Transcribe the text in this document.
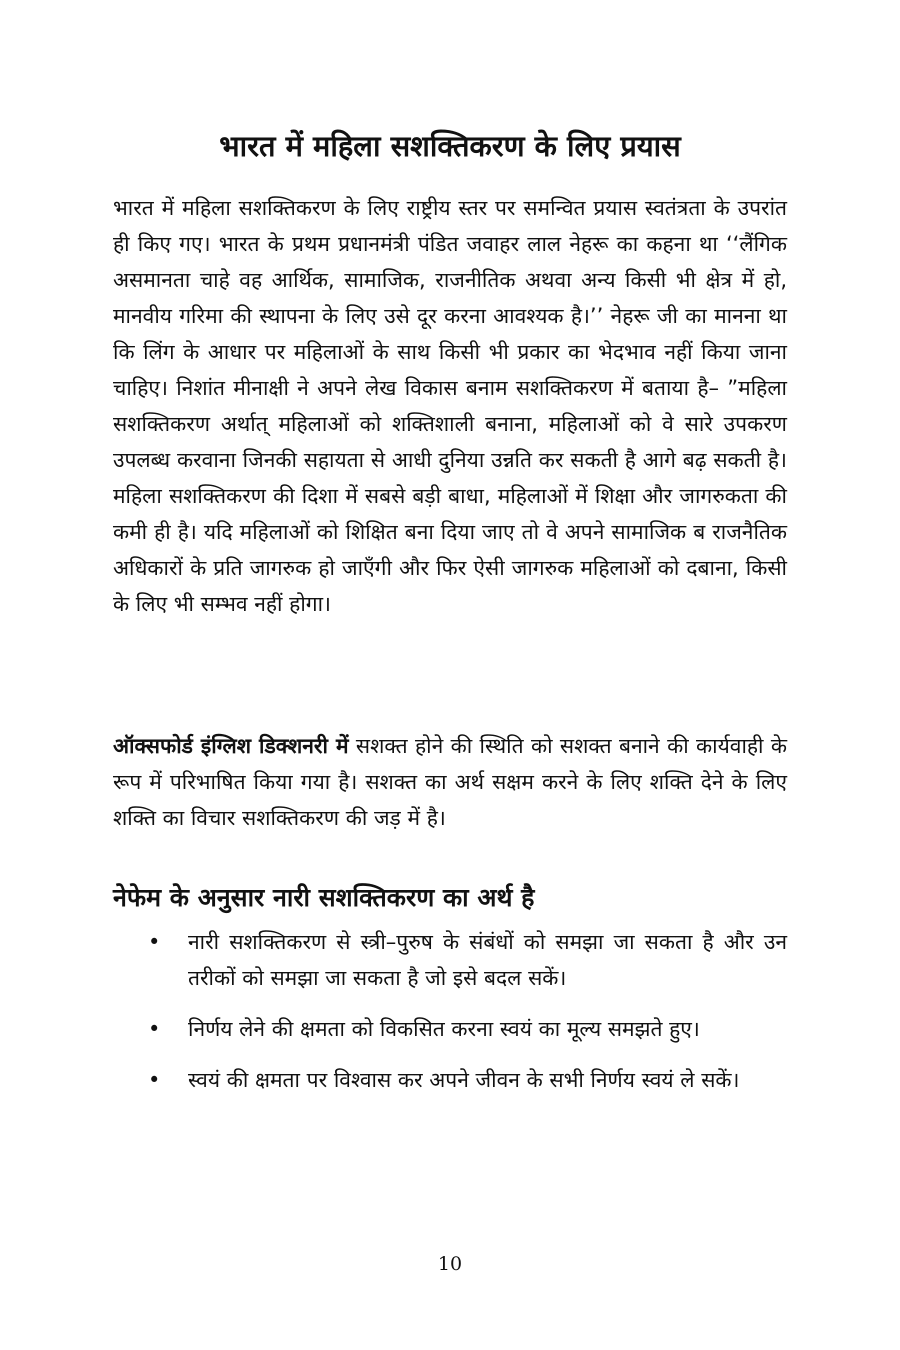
भारत में महिला सशक्तिकरण के लिए प्रयास

भारत में महिला सशक्तिकरण के लिए राष्ट्रीय स्तर पर समन्वित प्रयास स्वतंत्रता के उपरांत ही किए गए। भारत के प्रथम प्रधानमंत्री पंडित जवाहर लाल नेहरू का कहना था ‘‘लैंगिक असमानता चाहे वह आर्थिक, सामाजिक, राजनीतिक अथवा अन्य किसी भी क्षेत्र में हो, मानवीय गरिमा की स्थापना के लिए उसे दूर करना आवश्यक है।’’ नेहरू जी का मानना था कि लिंग के आधार पर महिलाओं के साथ किसी भी प्रकार का भेदभाव नहीं किया जाना चाहिए। निशांत मीनाक्षी ने अपने लेख विकास बनाम सशक्तिकरण में बताया है– ”महिला सशक्तिकरण अर्थात् महिलाओं को शक्तिशाली बनाना, महिलाओं को वे सारे उपकरण उपलब्ध करवाना जिनकी सहायता से आधी दुनिया उन्नति कर सकती है आगे बढ़ सकती है। महिला सशक्तिकरण की दिशा में सबसे बड़ी बाधा, महिलाओं में शिक्षा और जागरुकता की कमी ही है। यदि महिलाओं को शिक्षित बना दिया जाए तो वे अपने सामाजिक ब राजनैतिक अधिकारों के प्रति जागरुक हो जाएँगी और फिर ऐसी जागरुक महिलाओं को दबाना, किसी के लिए भी सम्भव नहीं होगा।

ऑक्सफोर्ड इंग्लिश डिक्शनरी में सशक्त होने की स्थिति को सशक्त बनाने की कार्यवाही के रूप में परिभाषित किया गया है। सशक्त का अर्थ सक्षम करने के लिए शक्ति देने के लिए शक्ति का विचार सशक्तिकरण की जड़ में है।

नेफेम के अनुसार नारी सशक्तिकरण का अर्थ है
• नारी सशक्तिकरण से स्त्री–पुरुष के संबंधों को समझा जा सकता है और उन तरीकों को समझा जा सकता है जो इसे बदल सकें।
• निर्णय लेने की क्षमता को विकसित करना स्वयं का मूल्य समझते हुए।
• स्वयं की क्षमता पर विश्वास कर अपने जीवन के सभी निर्णय स्वयं ले सकें।
10
